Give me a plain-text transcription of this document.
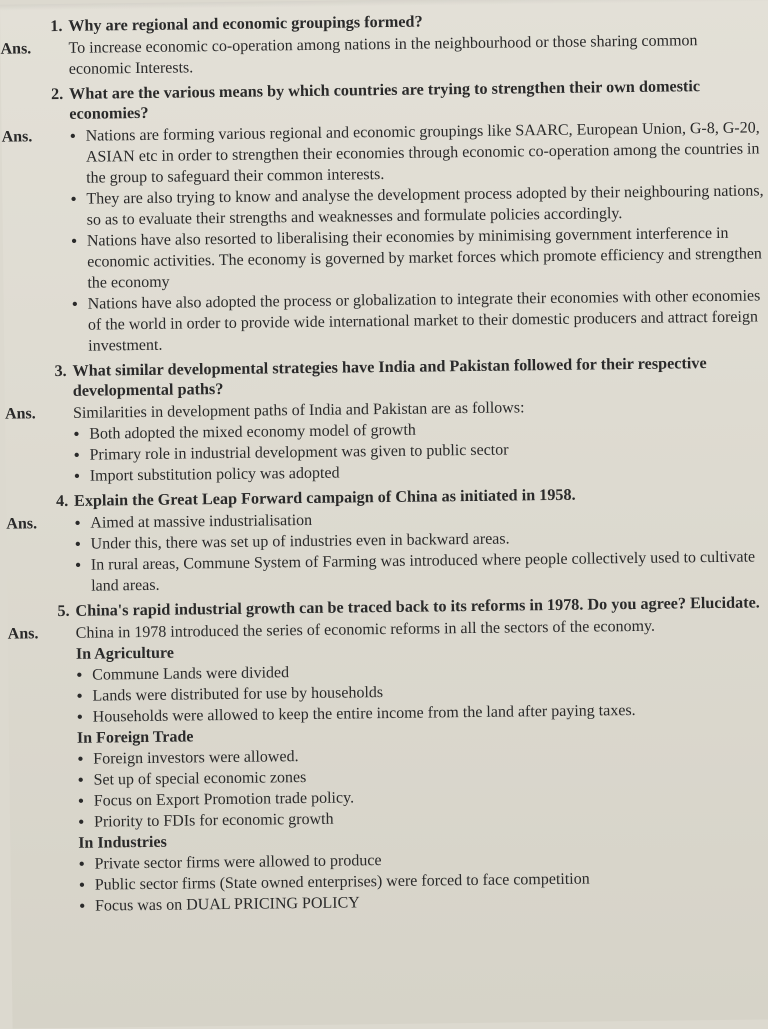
1. Why are regional and economic groupings formed?
Ans.	To increase economic co-operation among nations in the neighbourhood or those sharing common economic Interests.
2. What are the various means by which countries are trying to strengthen their own domestic economies?
Ans.	• Nations are forming various regional and economic groupings like SAARC, European Union, G-8, G-20, ASIAN etc in order to strengthen their economies through economic co-operation among the countries in the group to safeguard their common interests.
• They are also trying to know and analyse the development process adopted by their neighbouring nations, so as to evaluate their strengths and weaknesses and formulate policies accordingly.
• Nations have also resorted to liberalising their economies by minimising government interference in economic activities. The economy is governed by market forces which promote efficiency and strengthen the economy
• Nations have also adopted the process or globalization to integrate their economies with other economies of the world in order to provide wide international market to their domestic producers and attract foreign investment.
3. What similar developmental strategies have India and Pakistan followed for their respective developmental paths?
Ans.	Similarities in development paths of India and Pakistan are as follows:
• Both adopted the mixed economy model of growth
• Primary role in industrial development was given to public sector
• Import substitution policy was adopted
4. Explain the Great Leap Forward campaign of China as initiated in 1958.
Ans.	• Aimed at massive industrialisation
• Under this, there was set up of industries even in backward areas.
• In rural areas, Commune System of Farming was introduced where people collectively used to cultivate land areas.
5. China's rapid industrial growth can be traced back to its reforms in 1978. Do you agree? Elucidate.
Ans.	China in 1978 introduced the series of economic reforms in all the sectors of the economy.
In Agriculture
• Commune Lands were divided
• Lands were distributed for use by households
• Households were allowed to keep the entire income from the land after paying taxes.
In Foreign Trade
• Foreign investors were allowed.
• Set up of special economic zones
• Focus on Export Promotion trade policy.
• Priority to FDIs for economic growth
In Industries
• Private sector firms were allowed to produce
• Public sector firms (State owned enterprises) were forced to face competition
• Focus was on DUAL PRICING POLICY
